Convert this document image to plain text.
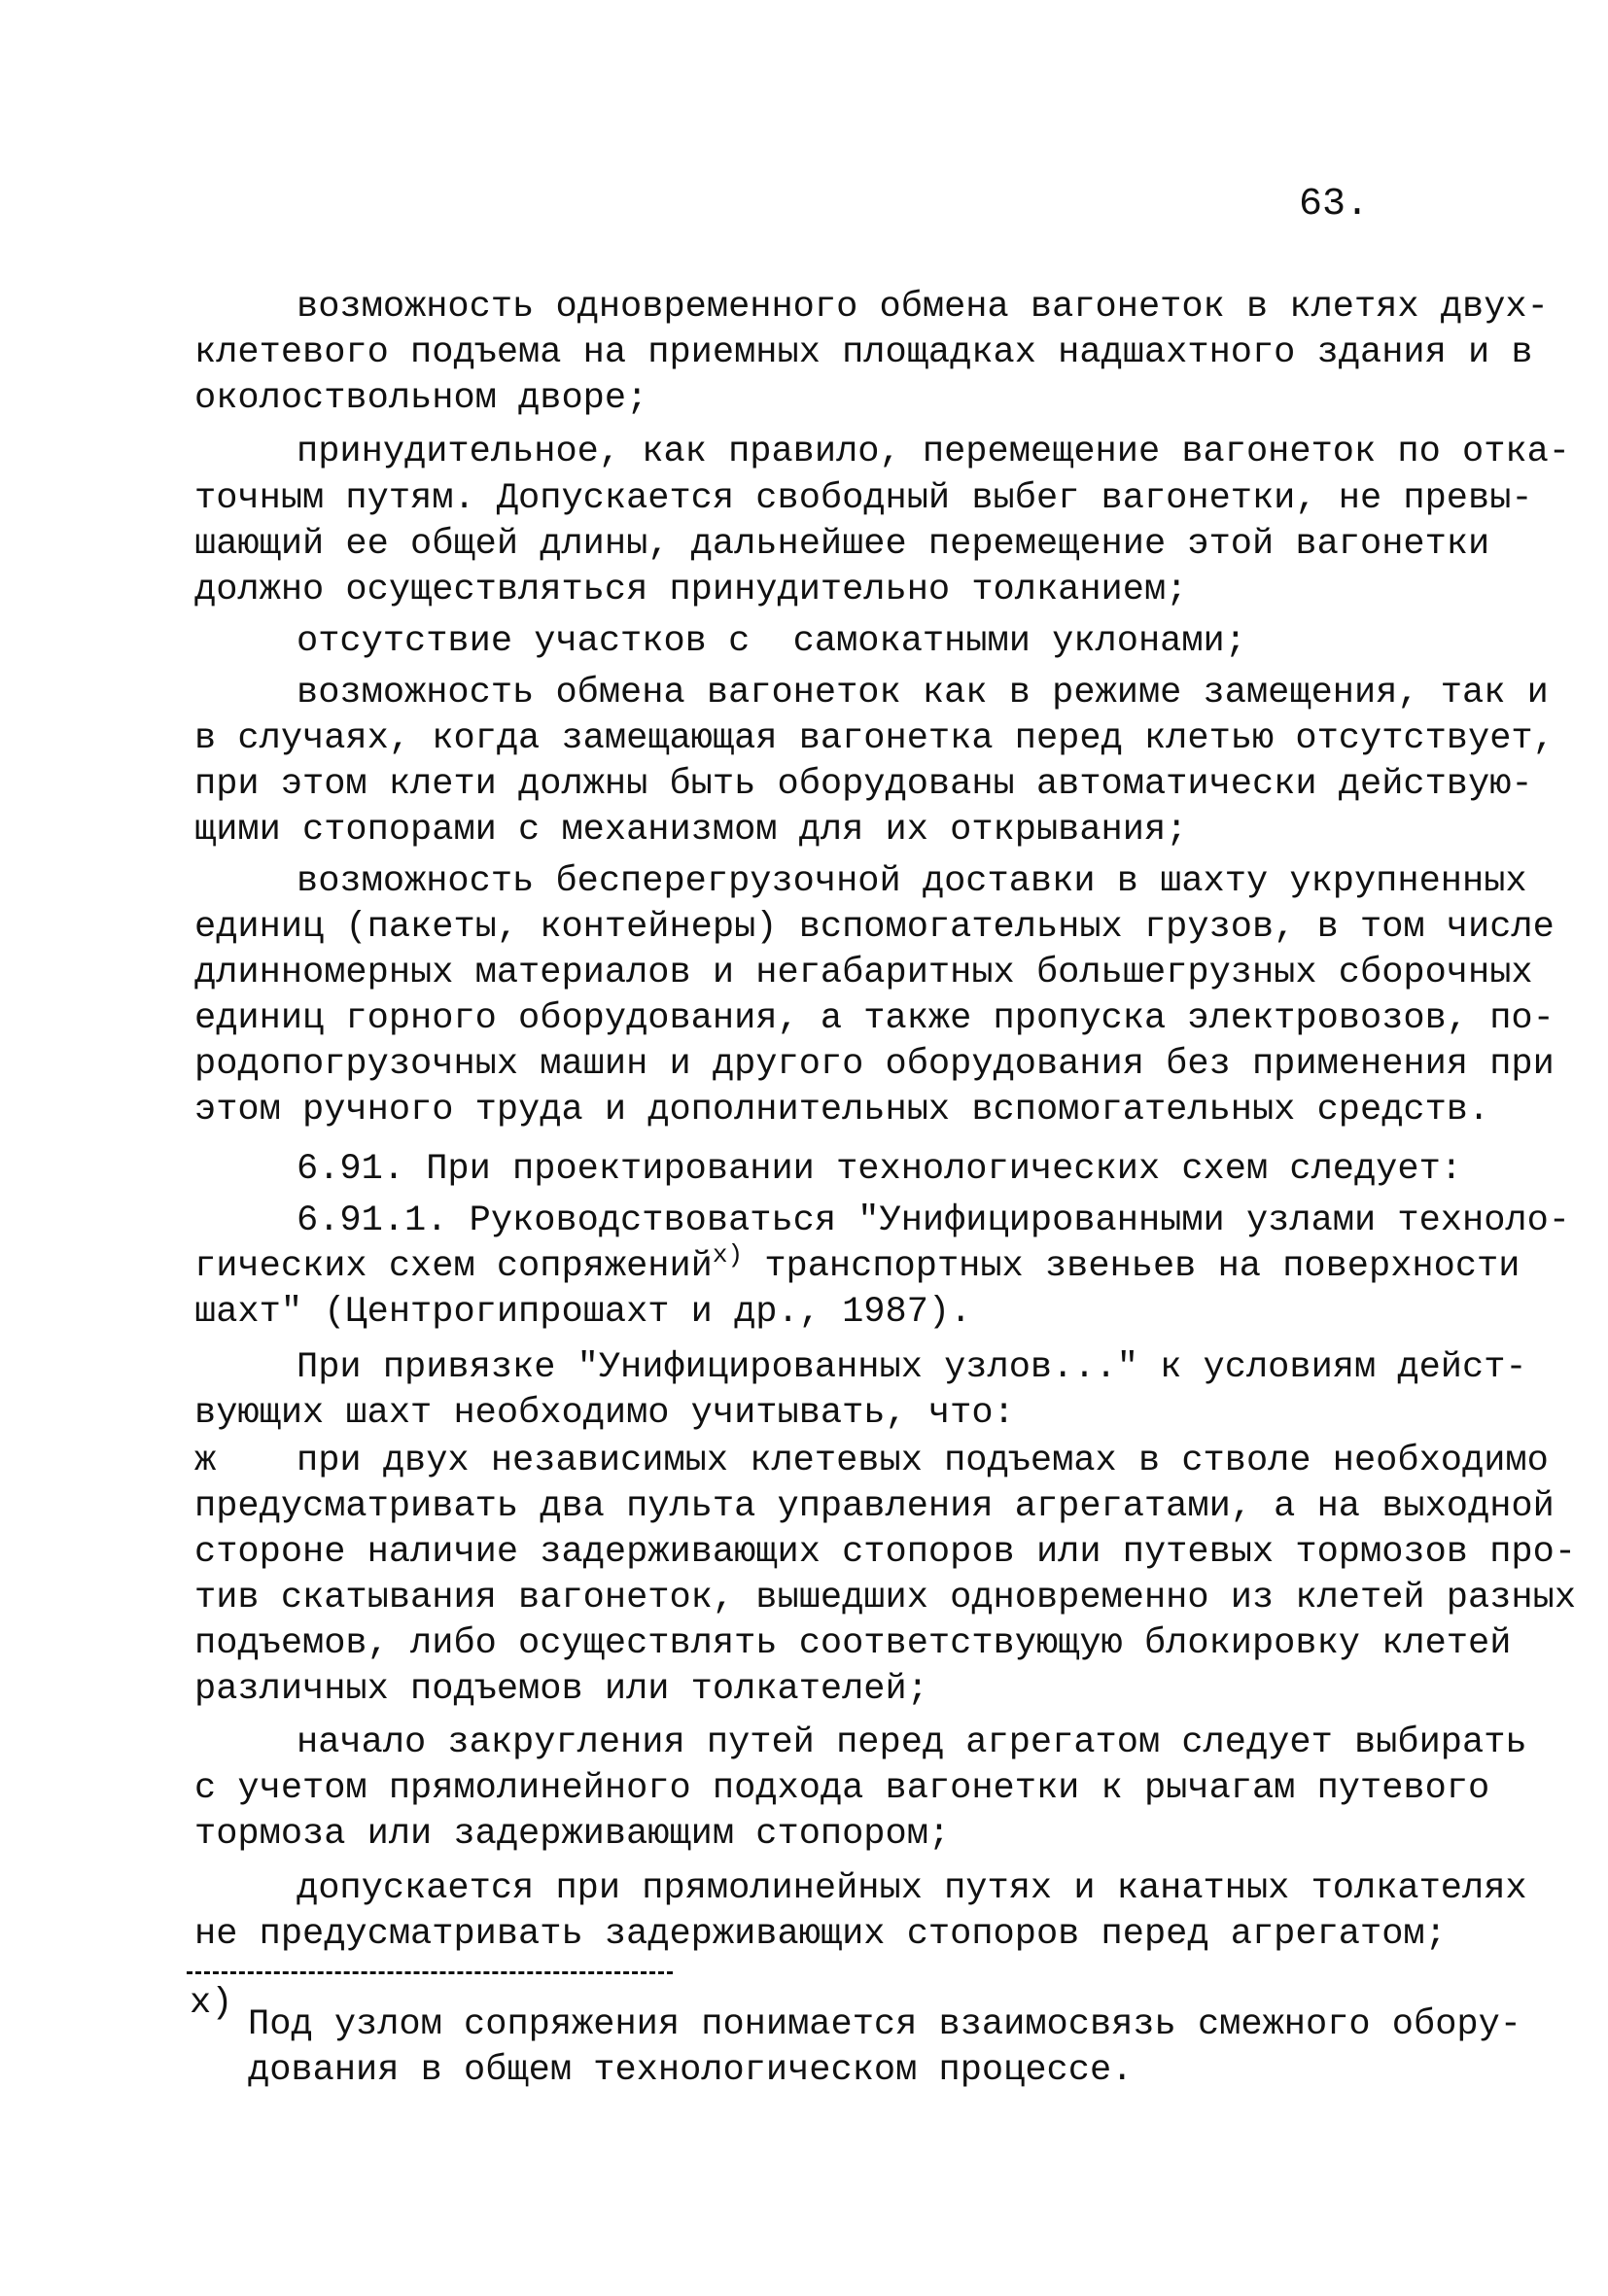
63.
возможность одновременного обмена вагонеток в клетях двух-
клетевого подъема на приемных площадках надшахтного здания и в
околоствольном дворе;
принудительное, как правило, перемещение вагонеток по отка-
точным путям. Допускается свободный выбег вагонетки, не превы-
шающий ее общей длины, дальнейшее перемещение этой вагонетки
должно осуществляться принудительно толканием;
отсутствие участков с  самокатными уклонами;
возможность обмена вагонеток как в режиме замещения, так и
в случаях, когда замещающая вагонетка перед клетью отсутствует,
при этом клети должны быть оборудованы автоматически действую-
щими стопорами с механизмом для их открывания;
возможность бесперегрузочной доставки в шахту укрупненных
единиц (пакеты, контейнеры) вспомогательных грузов, в том числе
длинномерных материалов и негабаритных большегрузных сборочных
единиц горного оборудования, а также пропуска электровозов, по-
родопогрузочных машин и другого оборудования без применения при
этом ручного труда и дополнительных вспомогательных средств.
6.91. При проектировании технологических схем следует:
6.91.1. Руководствоваться "Унифицированными узлами техноло-
гических схем сопряжений$^{x)}$ транспортных звеньев на поверхности
шахт" (Центрогипрошахт и др., 1987).
При привязке "Унифицированных узлов..." к условиям дейст-
вующих шахт необходимо учитывать, что:
ж при двух независимых клетевых подъемах в стволе необходимо
предусматривать два пульта управления агрегатами, а на выходной
стороне наличие задерживающих стопоров или путевых тормозов про-
тив скатывания вагонеток, вышедших одновременно из клетей разных
подъемов, либо осуществлять соответствующую блокировку клетей
различных подъемов или толкателей;
начало закругления путей перед агрегатом следует выбирать
с учетом прямолинейного подхода вагонетки к рычагам путевого
тормоза или задерживающим стопором;
допускается при прямолинейных путях и канатных толкателях
не предусматривать задерживающих стопоров перед агрегатом;
x)
Под узлом сопряжения понимается взаимосвязь смежного обору-
дования в общем технологическом процессе.
